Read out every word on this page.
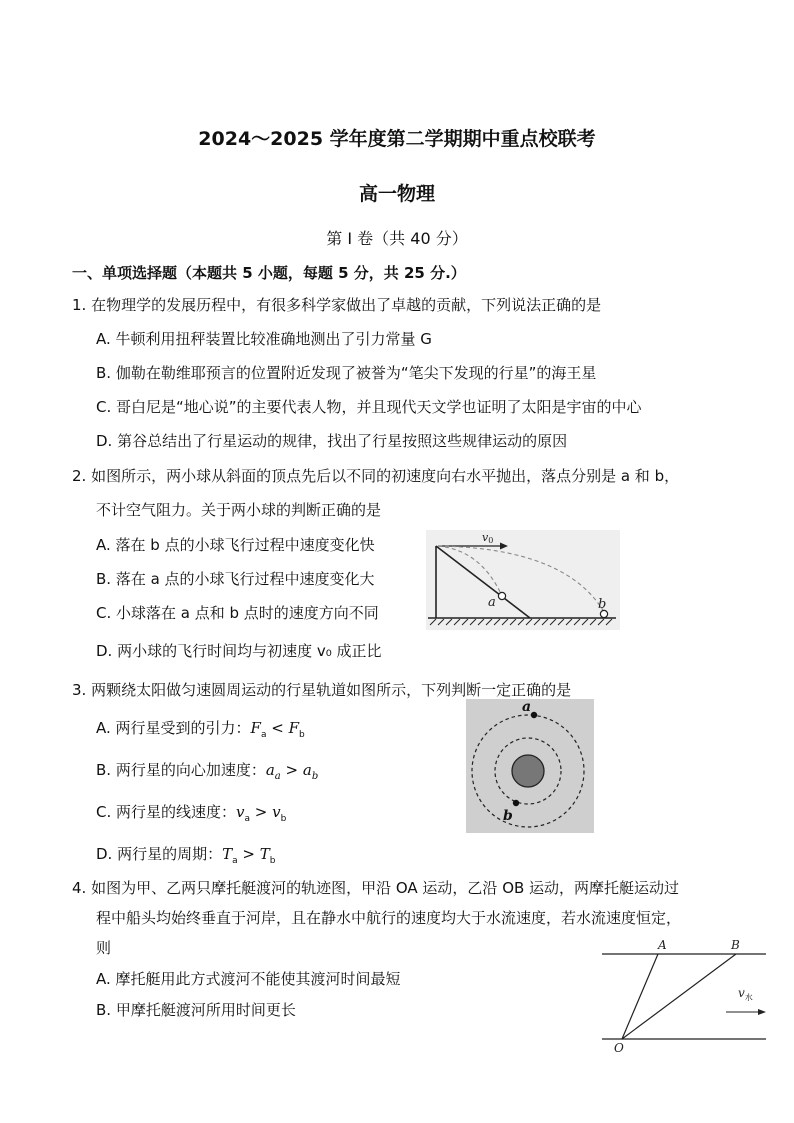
2024～2025 学年度第二学期期中重点校联考
高一物理
第 I 卷（共 40 分）
一、单项选择题（本题共 5 小题，每题 5 分，共 25 分.）
1. 在物理学的发展历程中，有很多科学家做出了卓越的贡献，下列说法正确的是
A. 牛顿利用扭秤装置比较准确地测出了引力常量 G
B. 伽勒在勒维耶预言的位置附近发现了被誉为“笔尖下发现的行星”的海王星
C. 哥白尼是“地心说”的主要代表人物，并且现代天文学也证明了太阳是宇宙的中心
D. 第谷总结出了行星运动的规律，找出了行星按照这些规律运动的原因
2. 如图所示，两小球从斜面的顶点先后以不同的初速度向右水平抛出，落点分别是 a 和 b，
不计空气阻力。关于两小球的判断正确的是
A. 落在 b 点的小球飞行过程中速度变化快
B. 落在 a 点的小球飞行过程中速度变化大
C. 小球落在 a 点和 b 点时的速度方向不同
D. 两小球的飞行时间均与初速度 v₀ 成正比
v0
a	b
3. 两颗绕太阳做匀速圆周运动的行星轨道如图所示，下列判断一定正确的是
A. 两行星受到的引力：$F_a < F_b$
B. 两行星的向心加速度：$a_a > a_b$
C. 两行星的线速度：$v_a > v_b$
D. 两行星的周期：$T_a > T_b$
a
b
4. 如图为甲、乙两只摩托艇渡河的轨迹图，甲沿 OA 运动，乙沿 OB 运动，两摩托艇运动过
程中船头均始终垂直于河岸，且在静水中航行的速度均大于水流速度，若水流速度恒定，
则
A. 摩托艇用此方式渡河不能使其渡河时间最短
B. 甲摩托艇渡河所用时间更长
$v_水$
A	B
O
